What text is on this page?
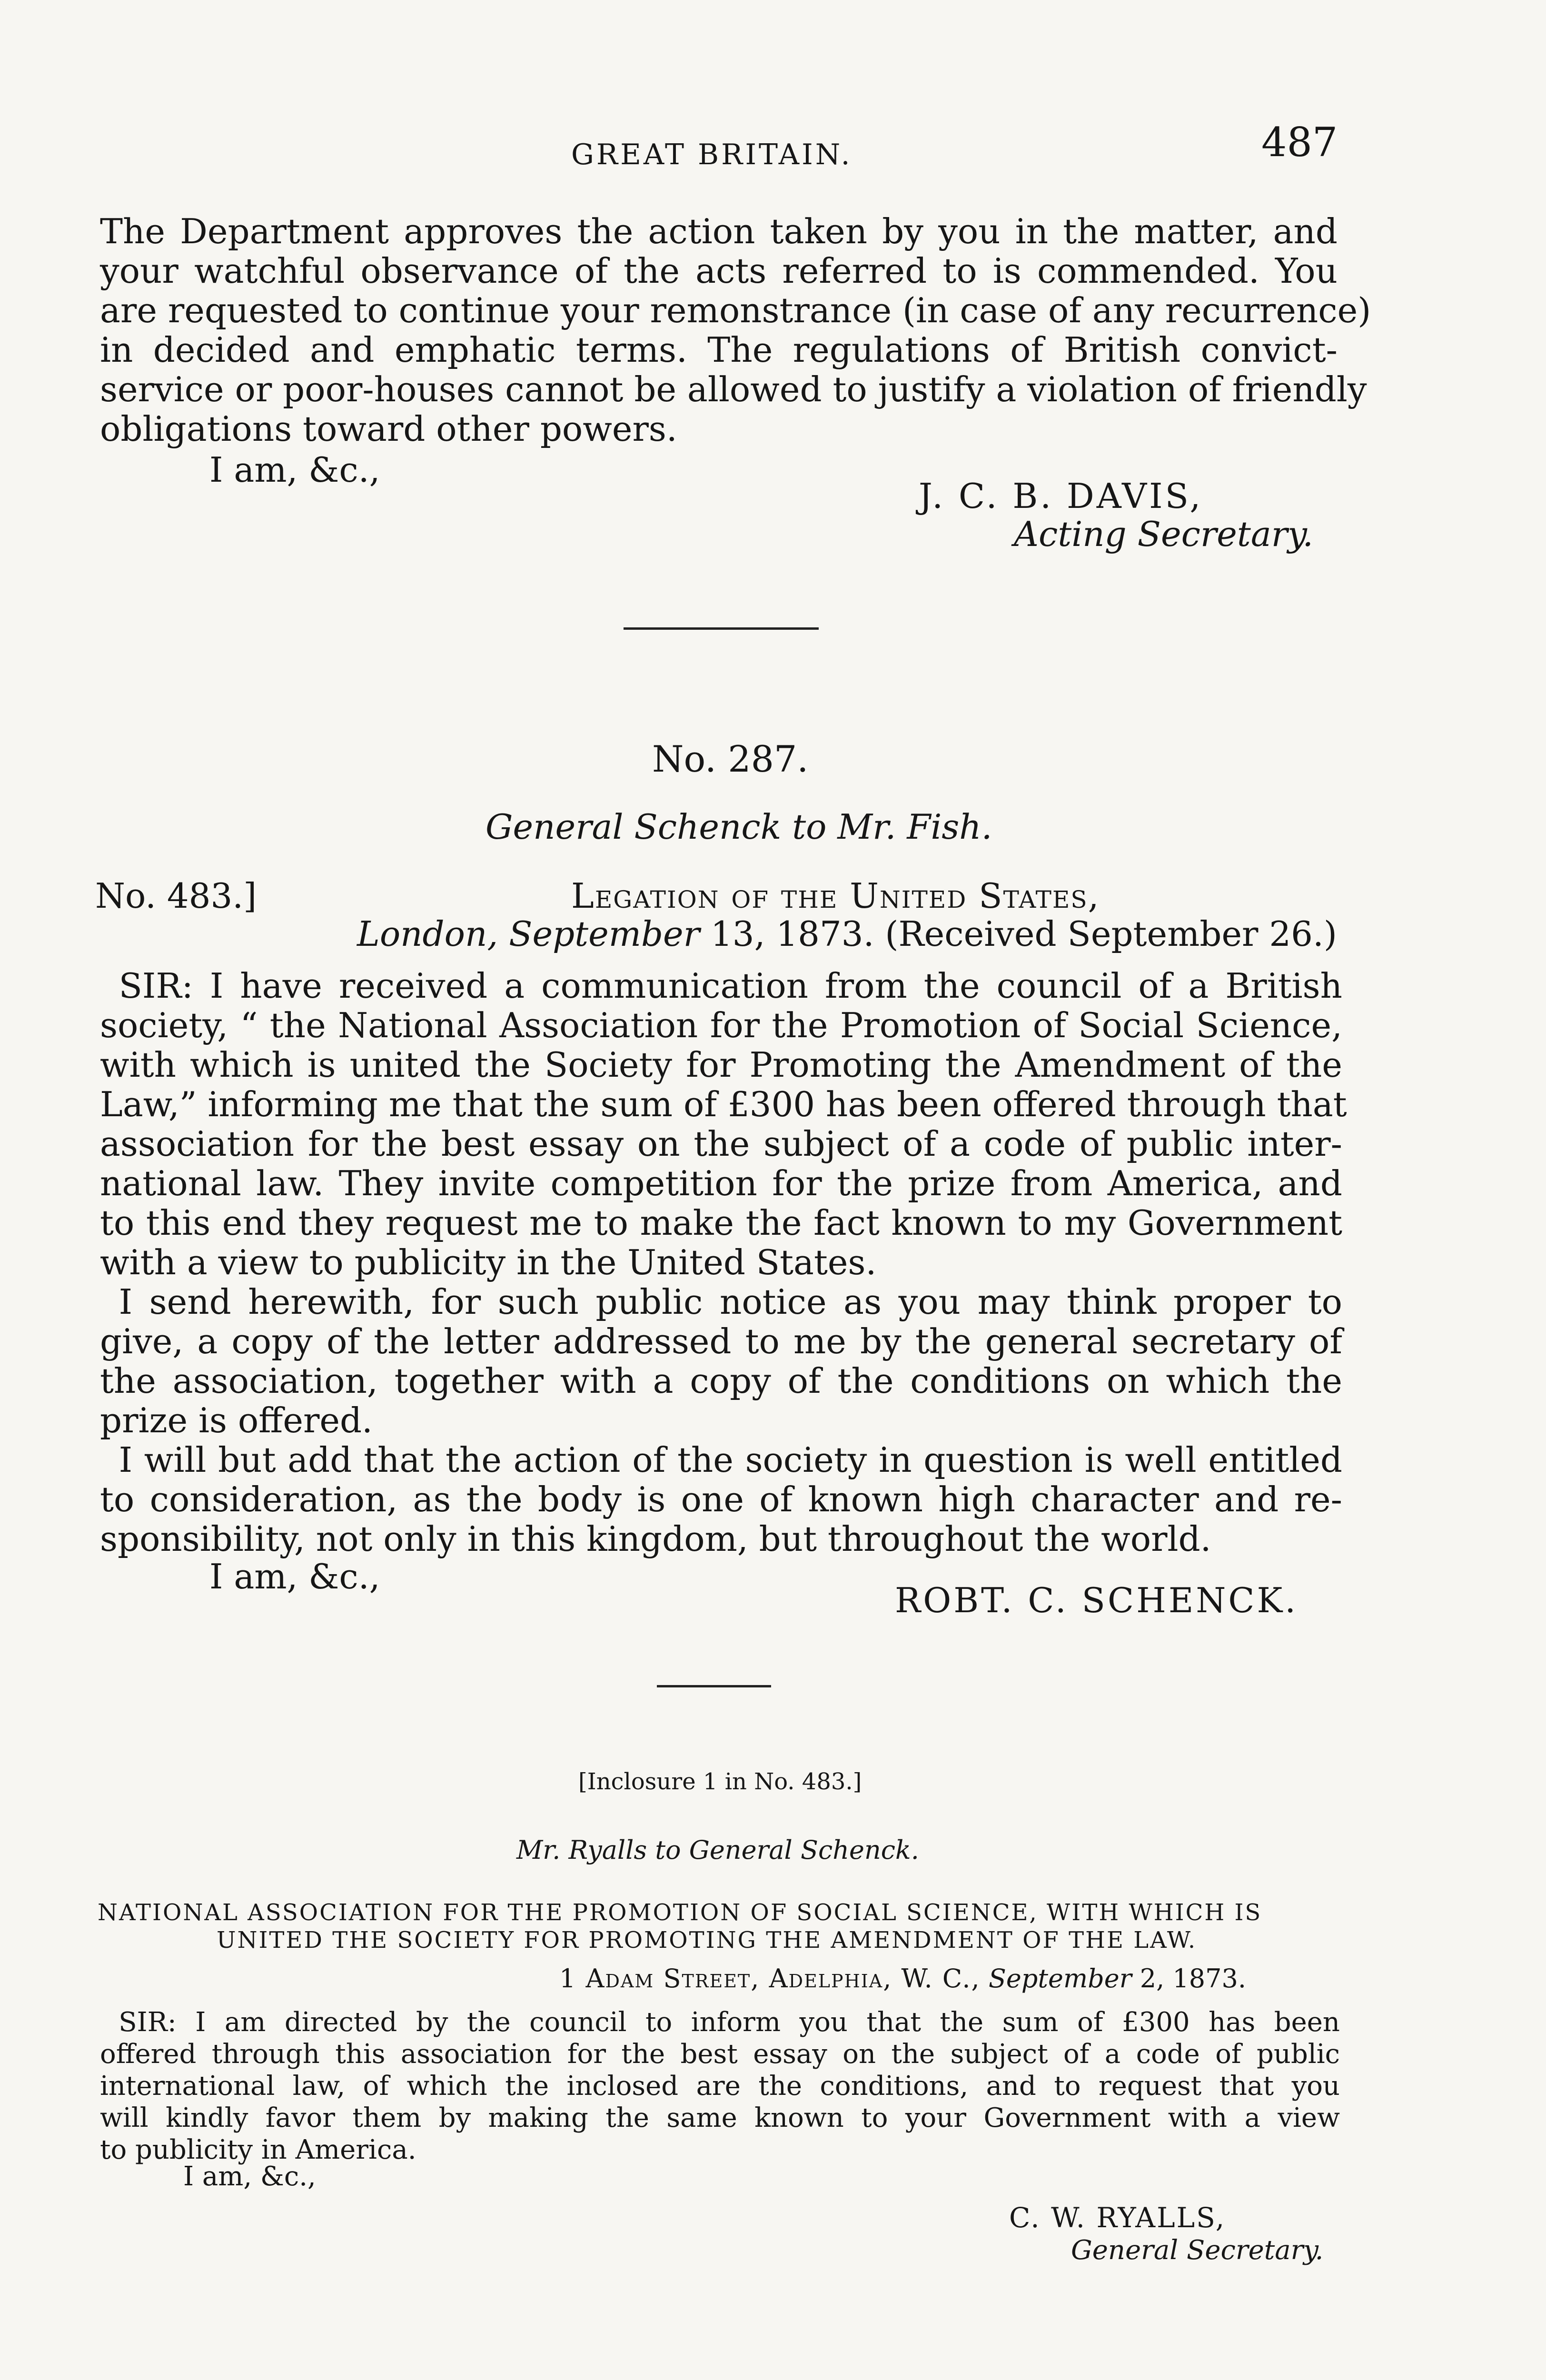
GREAT BRITAIN.	487
The Department approves the action taken by you in the matter, and
your watchful observance of the acts referred to is commended. You
are requested to continue your remonstrance (in case of any recurrence)
in decided and emphatic terms. The regulations of British convict-
service or poor-houses cannot be allowed to justify a violation of friendly
obligations toward other powers.
I am, &c.,
J. C. B. DAVIS,
Acting Secretary.
No. 287.
General Schenck to Mr. Fish.
No. 483.]	Legation of the United States,
London, September 13, 1873. (Received September 26.)
SIR: I have received a communication from the council of a British
society, “ the National Association for the Promotion of Social Science,
with which is united the Society for Promoting the Amendment of the
Law,” informing me that the sum of £300 has been offered through that
association for the best essay on the subject of a code of public inter-
national law. They invite competition for the prize from America, and
to this end they request me to make the fact known to my Government
with a view to publicity in the United States.
I send herewith, for such public notice as you may think proper to
give, a copy of the letter addressed to me by the general secretary of
the association, together with a copy of the conditions on which the
prize is offered.
I will but add that the action of the society in question is well entitled
to consideration, as the body is one of known high character and re-
sponsibility, not only in this kingdom, but throughout the world.
I am, &c.,
ROBT. C. SCHENCK.
[Inclosure 1 in No. 483.]
Mr. Ryalls to General Schenck.
NATIONAL ASSOCIATION FOR THE PROMOTION OF SOCIAL SCIENCE, WITH WHICH IS
UNITED THE SOCIETY FOR PROMOTING THE AMENDMENT OF THE LAW.
1 Adam Street, Adelphia, W. C., September 2, 1873.
SIR: I am directed by the council to inform you that the sum of £300 has been
offered through this association for the best essay on the subject of a code of public
international law, of which the inclosed are the conditions, and to request that you
will kindly favor them by making the same known to your Government with a view
to publicity in America.
I am, &c.,
C. W. RYALLS,
General Secretary.
